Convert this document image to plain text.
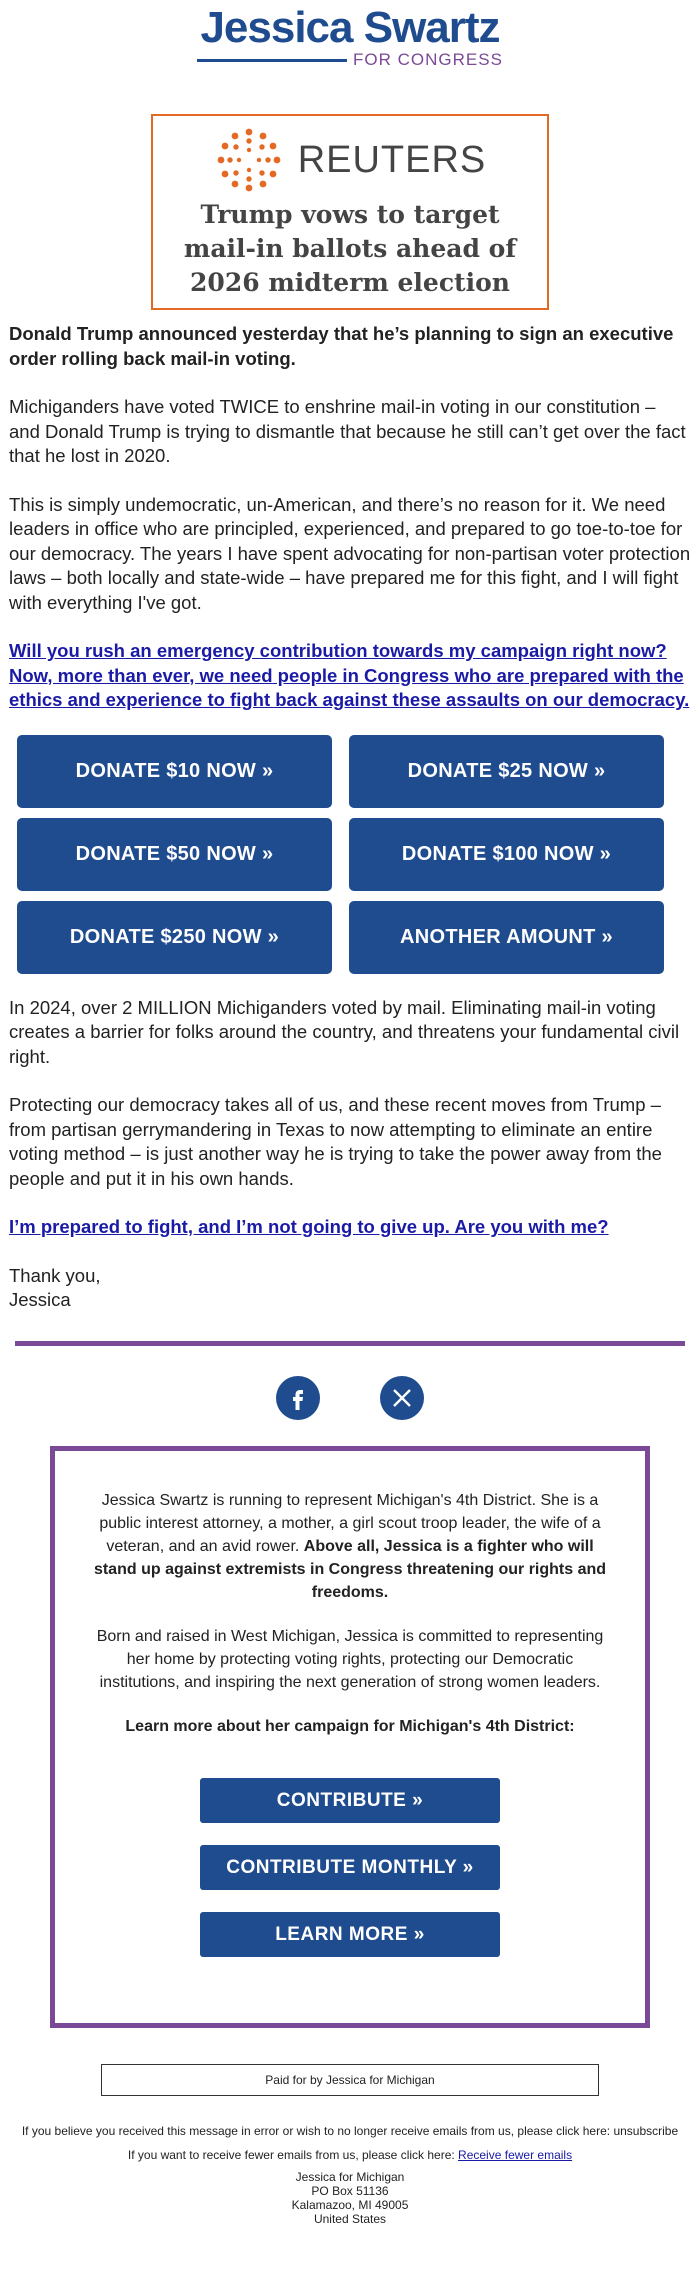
Jessica Swartz
FOR CONGRESS
REUTERS
Trump vows to target mail-in ballots ahead of 2026 midterm election

Donald Trump announced yesterday that he’s planning to sign an executive order rolling back mail-in voting.

Michiganders have voted TWICE to enshrine mail-in voting in our constitution – and Donald Trump is trying to dismantle that because he still can’t get over the fact that he lost in 2020.

This is simply undemocratic, un-American, and there’s no reason for it. We need leaders in office who are principled, experienced, and prepared to go toe-to-toe for our democracy. The years I have spent advocating for non-partisan voter protection laws – both locally and state-wide – have prepared me for this fight, and I will fight with everything I've got.

Will you rush an emergency contribution towards my campaign right now? Now, more than ever, we need people in Congress who are prepared with the ethics and experience to fight back against these assaults on our democracy.

DONATE $10 NOW »	DONATE $25 NOW »
DONATE $50 NOW »	DONATE $100 NOW »
DONATE $250 NOW »	ANOTHER AMOUNT »

In 2024, over 2 MILLION Michiganders voted by mail. Eliminating mail-in voting creates a barrier for folks around the country, and threatens your fundamental civil right.

Protecting our democracy takes all of us, and these recent moves from Trump – from partisan gerrymandering in Texas to now attempting to eliminate an entire voting method – is just another way he is trying to take the power away from the people and put it in his own hands.

I’m prepared to fight, and I’m not going to give up. Are you with me?

Thank you,
Jessica

Jessica Swartz is running to represent Michigan's 4th District. She is a public interest attorney, a mother, a girl scout troop leader, the wife of a veteran, and an avid rower. Above all, Jessica is a fighter who will stand up against extremists in Congress threatening our rights and freedoms.

Born and raised in West Michigan, Jessica is committed to representing her home by protecting voting rights, protecting our Democratic institutions, and inspiring the next generation of strong women leaders.

Learn more about her campaign for Michigan's 4th District:

CONTRIBUTE »
CONTRIBUTE MONTHLY »
LEARN MORE »
Paid for by Jessica for Michigan
If you believe you received this message in error or wish to no longer receive emails from us, please click here: unsubscribe
If you want to receive fewer emails from us, please click here: Receive fewer emails
Jessica for Michigan
PO Box 51136
Kalamazoo, MI 49005
United States
